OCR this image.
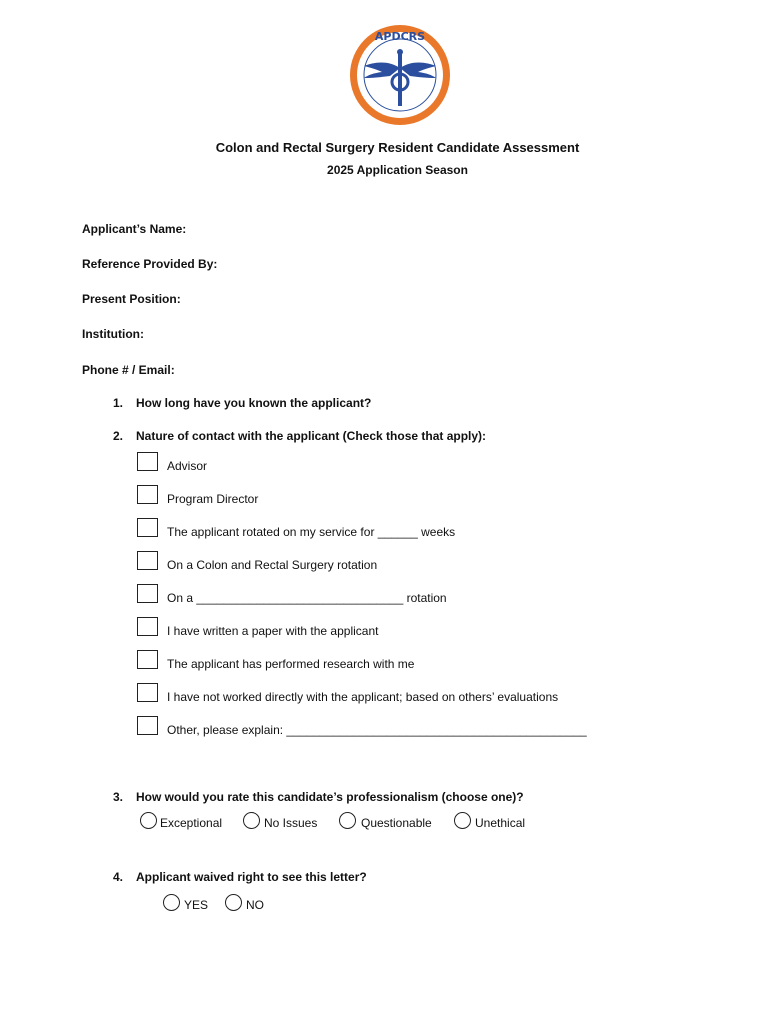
APDCRS
Colon and Rectal Surgery Resident Candidate Assessment
2025 Application Season
Applicant’s Name:
Reference Provided By:
Present Position:
Institution:
Phone # / Email:
1. How long have you known the applicant?
2. Nature of contact with the applicant (Check those that apply):
Advisor
Program Director
The applicant rotated on my service for ______ weeks
On a Colon and Rectal Surgery rotation
On a _______________________________ rotation
I have written a paper with the applicant
The applicant has performed research with me
I have not worked directly with the applicant; based on others’ evaluations
Other, please explain: _____________________________________________
3. How would you rate this candidate’s professionalism (choose one)?
Exceptional	No Issues	Questionable	Unethical
4. Applicant waived right to see this letter?
YES	NO
